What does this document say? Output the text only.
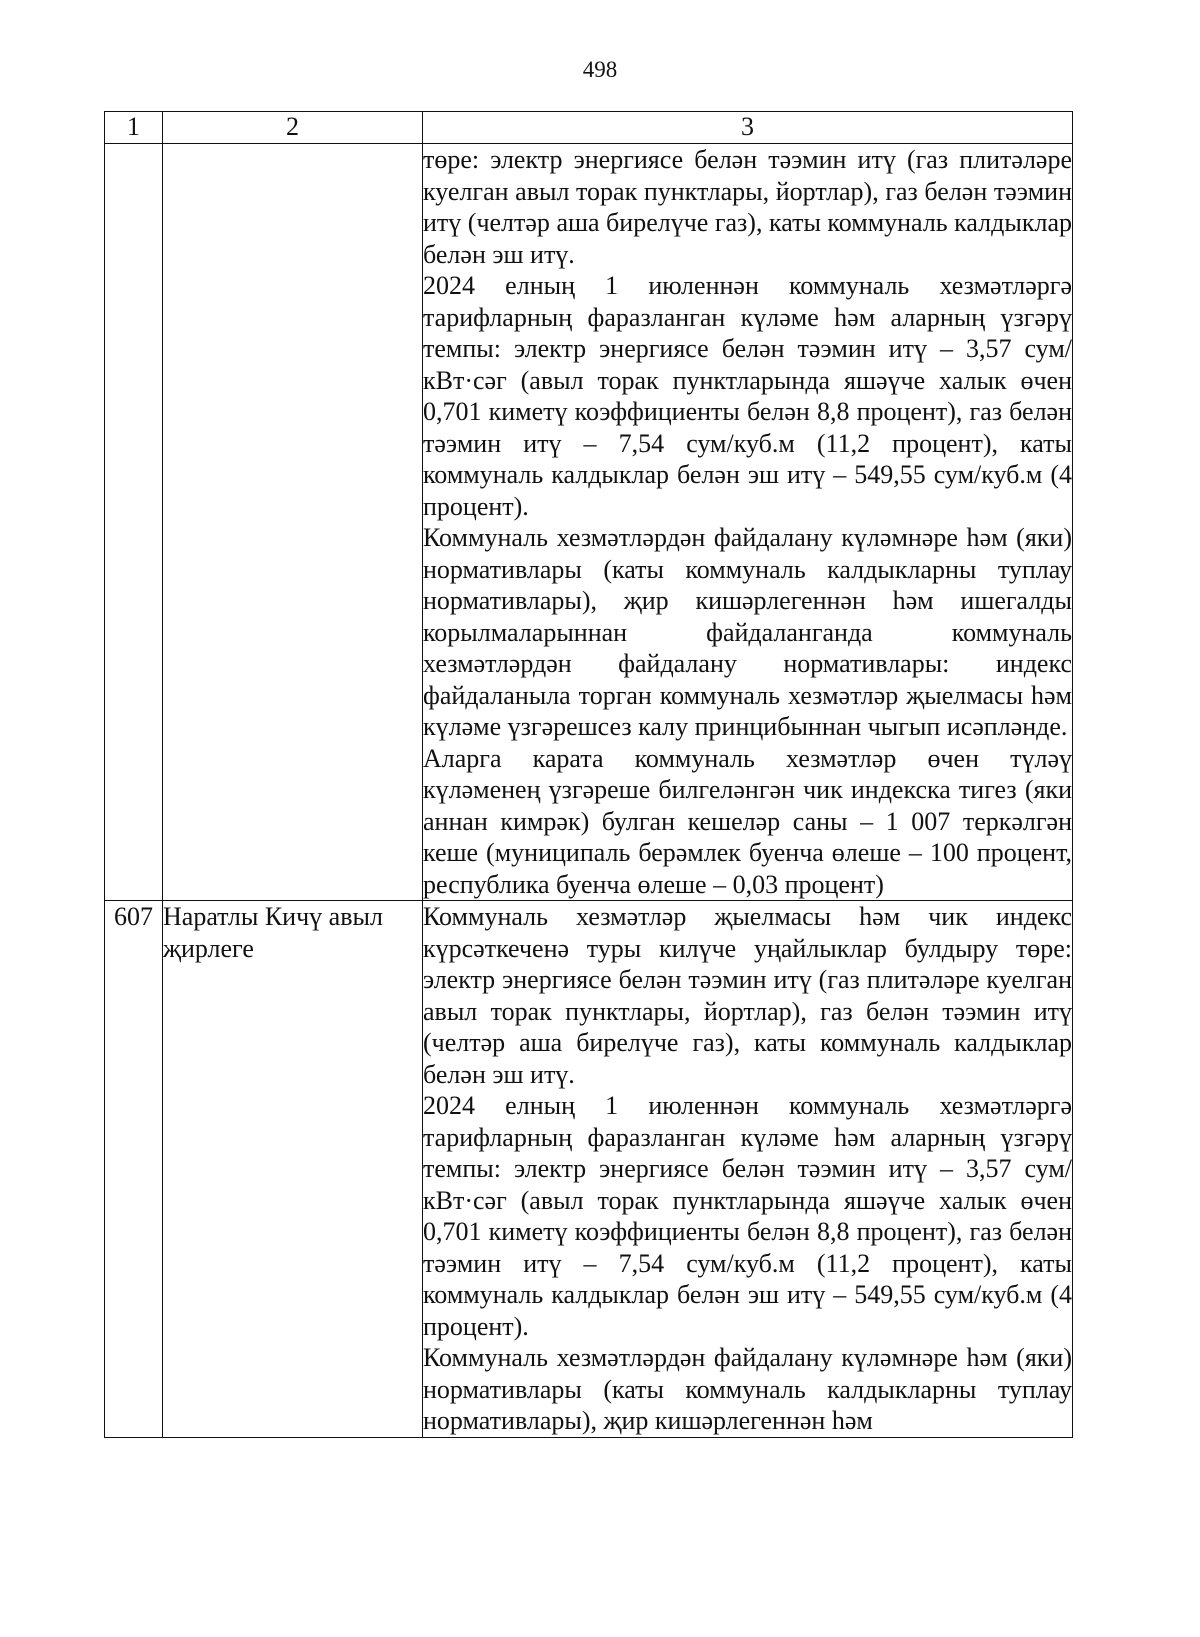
498
1	2	3

		төре: электр энергиясе белән тәэмин итү (газ плитәләре куелган авыл торак пунктлары, йортлар), газ белән тәэмин итү (челтәр аша бирелүче газ), каты коммуналь калдыклар белән эш итү.

2024 елның 1 июленнән коммуналь хезмәтләргә тарифларның фаразланган күләме һәм аларның үзгәрү темпы: электр энергиясе белән тәэмин итү – 3,57 сум/кВт·сәг (авыл торак пунктларында яшәүче халык өчен 0,701 киметү коэффициенты белән 8,8 процент), газ белән тәэмин итү – 7,54 сум/куб.м (11,2 процент), каты коммуналь калдыклар белән эш итү – 549,55 сум/куб.м (4 процент).

Коммуналь хезмәтләрдән файдалану күләмнәре һәм (яки) нормативлары (каты коммуналь калдыкларны туплау нормативлары), җир кишәрлегеннән һәм ишегалды корылмаларыннан файдаланганда коммуналь хезмәтләрдән файдалану нормативлары: индекс файдаланыла торган коммуналь хезмәтләр җыелмасы һәм күләме үзгәрешсез калу принцибыннан чыгып исәпләнде.

Аларга карата коммуналь хезмәтләр өчен түләү күләменең үзгәреше билгеләнгән чик индекска тигез (яки аннан кимрәк) булган кешеләр саны – 1 007 теркәлгән кеше (муниципаль берәмлек буенча өлеше – 100 процент, республика буенча өлеше – 0,03 процент)

607	Наратлы Кичү авыл җирлеге	Коммуналь хезмәтләр җыелмасы һәм чик индекс күрсәткеченә туры килүче уңайлыклар булдыру төре: электр энергиясе белән тәэмин итү (газ плитәләре куелган авыл торак пунктлары, йортлар), газ белән тәэмин итү (челтәр аша бирелүче газ), каты коммуналь калдыклар белән эш итү.

2024 елның 1 июленнән коммуналь хезмәтләргә тарифларның фаразланган күләме һәм аларның үзгәрү темпы: электр энергиясе белән тәэмин итү – 3,57 сум/кВт·сәг (авыл торак пунктларында яшәүче халык өчен 0,701 киметү коэффициенты белән 8,8 процент), газ белән тәэмин итү – 7,54 сум/куб.м (11,2 процент), каты коммуналь калдыклар белән эш итү – 549,55 сум/куб.м (4 процент).

Коммуналь хезмәтләрдән файдалану күләмнәре һәм (яки) нормативлары (каты коммуналь калдыкларны туплау нормативлары), җир кишәрлегеннән һәм
